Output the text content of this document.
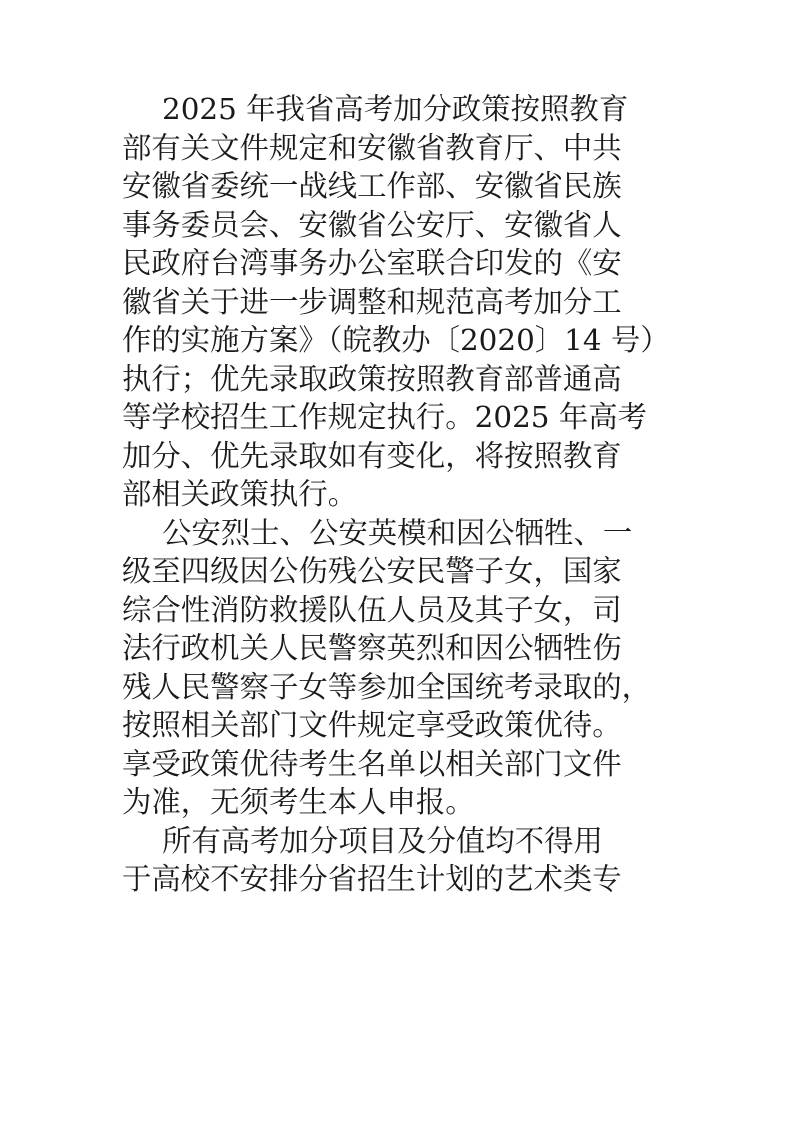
2025 年我省高考加分政策按照教育
部有关文件规定和安徽省教育厅、中共
安徽省委统一战线工作部、安徽省民族
事务委员会、安徽省公安厅、安徽省人
民政府台湾事务办公室联合印发的《安
徽省关于进一步调整和规范高考加分工
作的实施方案》（皖教办〔2020〕14 号）
执行；优先录取政策按照教育部普通高
等学校招生工作规定执行。2025 年高考
加分、优先录取如有变化，将按照教育
部相关政策执行。
公安烈士、公安英模和因公牺牲、一
级至四级因公伤残公安民警子女，国家
综合性消防救援队伍人员及其子女，司
法行政机关人民警察英烈和因公牺牲伤
残人民警察子女等参加全国统考录取的，
按照相关部门文件规定享受政策优待。
享受政策优待考生名单以相关部门文件
为准，无须考生本人申报。
所有高考加分项目及分值均不得用
于高校不安排分省招生计划的艺术类专
